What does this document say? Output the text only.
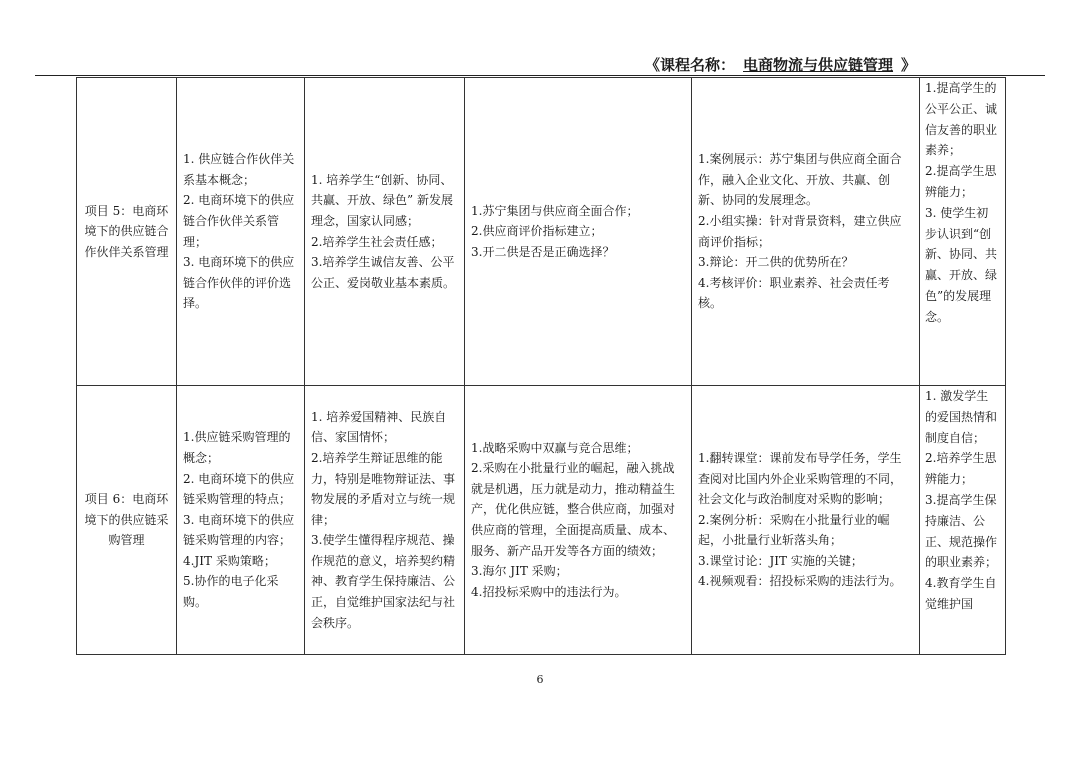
《课程名称： 电商物流与供应链管理 》
项目 5：电商环境下的供应链合作伙伴关系管理	1. 供应链合作伙伴关系基本概念；
2. 电商环境下的供应链合作伙伴关系管理；
3. 电商环境下的供应链合作伙伴的评价选择。	1. 培养学生“创新、协同、共赢、开放、绿色” 新发展理念，国家认同感；
2.培养学生社会责任感；
3.培养学生诚信友善、公平公正、爱岗敬业基本素质。	1.苏宁集团与供应商全面合作；
2.供应商评价指标建立；
3.开二供是否是正确选择？	1.案例展示：苏宁集团与供应商全面合作，融入企业文化、开放、共赢、创新、协同的发展理念。
2.小组实操：针对背景资料，建立供应商评价指标；
3.辩论：开二供的优势所在？
4.考核评价：职业素养、社会责任考核。	1.提高学生的公平公正、诚信友善的职业素养；
2.提高学生思辨能力；
3. 使学生初步认识到“创新、协同、共赢、开放、绿色”的发展理念。

项目 6：电商环境下的供应链采购管理	1.供应链采购管理的概念；
2. 电商环境下的供应链采购管理的特点；
3. 电商环境下的供应链采购管理的内容；
4.JIT 采购策略；
5.协作的电子化采购。	1. 培养爱国精神、民族自信、家国情怀；
2.培养学生辩证思维的能力，特别是唯物辩证法、事物发展的矛盾对立与统一规律；
3.使学生懂得程序规范、操作规范的意义，培养契约精神、教育学生保持廉洁、公正，自觉维护国家法纪与社会秩序。	1.战略采购中双赢与竞合思维；
2.采购在小批量行业的崛起，融入挑战就是机遇，压力就是动力，推动精益生产，优化供应链，整合供应商，加强对供应商的管理，全面提高质量、成本、服务、新产品开发等各方面的绩效；
3.海尔 JIT 采购；
4.招投标采购中的违法行为。	1.翻转课堂：课前发布导学任务，学生查阅对比国内外企业采购管理的不同，社会文化与政治制度对采购的影响；
2.案例分析：采购在小批量行业的崛起，小批量行业斩落头角；
3.课堂讨论：JIT 实施的关键；
4.视频观看：招投标采购的违法行为。	1. 激发学生的爱国热情和制度自信；
2.培养学生思辨能力；
3.提高学生保持廉洁、公正、规范操作的职业素养；
4.教育学生自觉维护国
6
